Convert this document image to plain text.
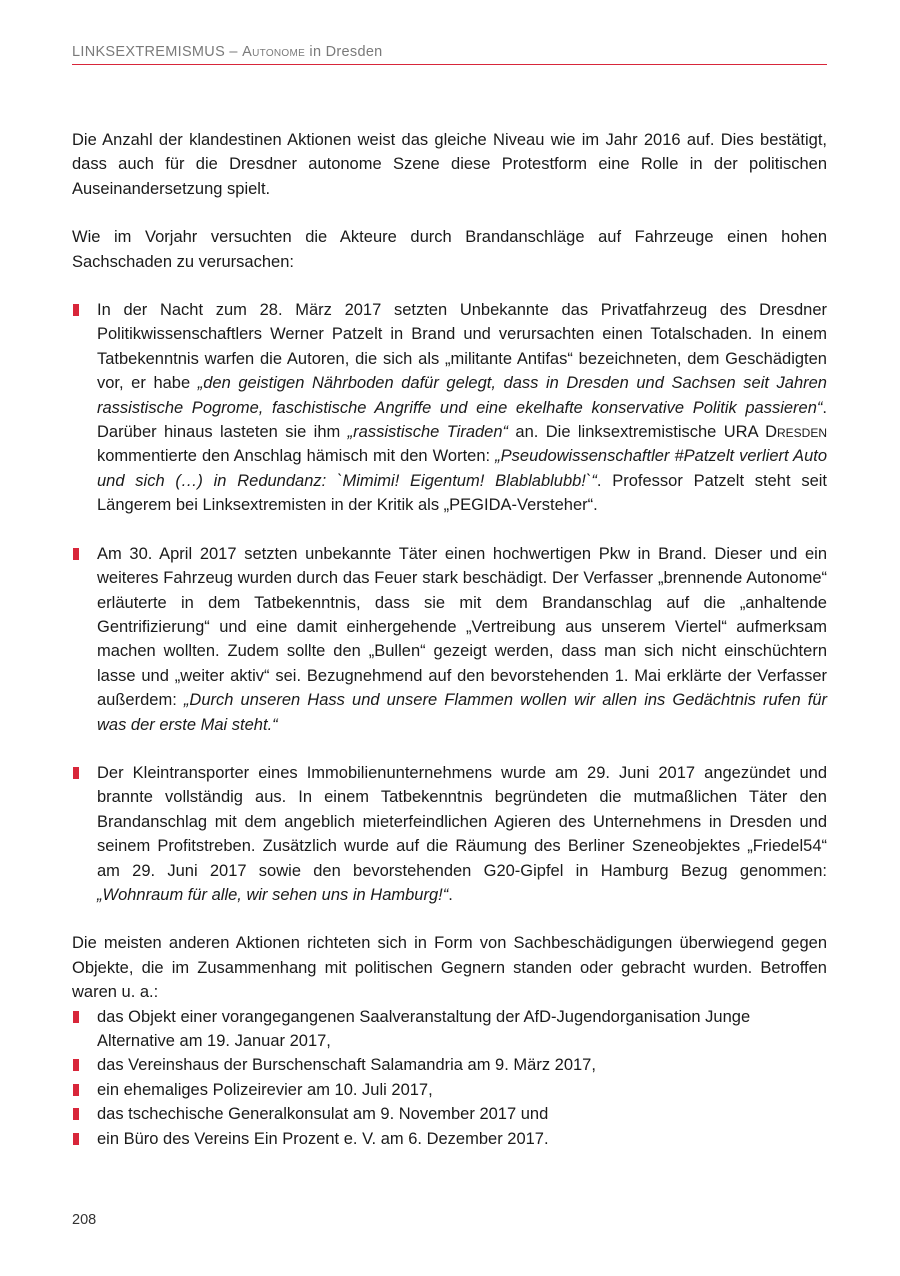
LINKSEXTREMISMUS – Autonome in Dresden

Die Anzahl der klandestinen Aktionen weist das gleiche Niveau wie im Jahr 2016 auf. Dies bestätigt, dass auch für die Dresdner autonome Szene diese Protestform eine Rolle in der politischen Auseinandersetzung spielt.

Wie im Vorjahr versuchten die Akteure durch Brandanschläge auf Fahrzeuge einen hohen Sachschaden zu verursachen:

In der Nacht zum 28. März 2017 setzten Unbekannte das Privatfahrzeug des Dresdner Politikwissenschaftlers Werner Patzelt in Brand und verursachten einen Totalschaden. In einem Tatbekenntnis warfen die Autoren, die sich als „militante Antifas“ bezeichneten, dem Geschädigten vor, er habe „den geistigen Nährboden dafür gelegt, dass in Dresden und Sachsen seit Jahren rassistische Pogrome, faschistische Angriffe und eine ekelhafte konservative Politik passieren“. Darüber hinaus lasteten sie ihm „rassistische Tiraden“ an. Die linksextremistische URA Dresden kommentierte den Anschlag hämisch mit den Worten: „Pseudowissenschaftler #Patzelt verliert Auto und sich (…) in Redundanz: `Mimimi! Eigentum! Blablablubb!`“. Professor Patzelt steht seit Längerem bei Linksextremisten in der Kritik als „PEGIDA-Versteher“.
Am 30. April 2017 setzten unbekannte Täter einen hochwertigen Pkw in Brand. Dieser und ein weiteres Fahrzeug wurden durch das Feuer stark beschädigt. Der Verfasser „brennende Autonome“ erläuterte in dem Tatbekenntnis, dass sie mit dem Brandanschlag auf die „anhaltende Gentrifizierung“ und eine damit einhergehende „Vertreibung aus unserem Viertel“ aufmerksam machen wollten. Zudem sollte den „Bullen“ gezeigt werden, dass man sich nicht einschüchtern lasse und „weiter aktiv“ sei. Bezugnehmend auf den bevorstehenden 1. Mai erklärte der Verfasser außerdem: „Durch unseren Hass und unsere Flammen wollen wir allen ins Gedächtnis rufen für was der erste Mai steht.“
Der Kleintransporter eines Immobilienunternehmens wurde am 29. Juni 2017 angezündet und brannte vollständig aus. In einem Tatbekenntnis begründeten die mutmaßlichen Täter den Brandanschlag mit dem angeblich mieterfeindlichen Agieren des Unternehmens in Dresden und seinem Profitstreben. Zusätzlich wurde auf die Räumung des Berliner Szeneobjektes „Friedel54“ am 29. Juni 2017 sowie den bevorstehenden G20-Gipfel in Hamburg Bezug genommen: „Wohnraum für alle, wir sehen uns in Hamburg!“.

Die meisten anderen Aktionen richteten sich in Form von Sachbeschädigungen überwiegend gegen Objekte, die im Zusammenhang mit politischen Gegnern standen oder gebracht wurden. Betroffen waren u. a.:

das Objekt einer vorangegangenen Saalveranstaltung der AfD-Jugendorganisation Junge Alternative am 19. Januar 2017,
das Vereinshaus der Burschenschaft Salamandria am 9. März 2017,
ein ehemaliges Polizeirevier am 10. Juli 2017,
das tschechische Generalkonsulat am 9. November 2017 und
ein Büro des Vereins Ein Prozent e. V. am 6. Dezember 2017.
208
